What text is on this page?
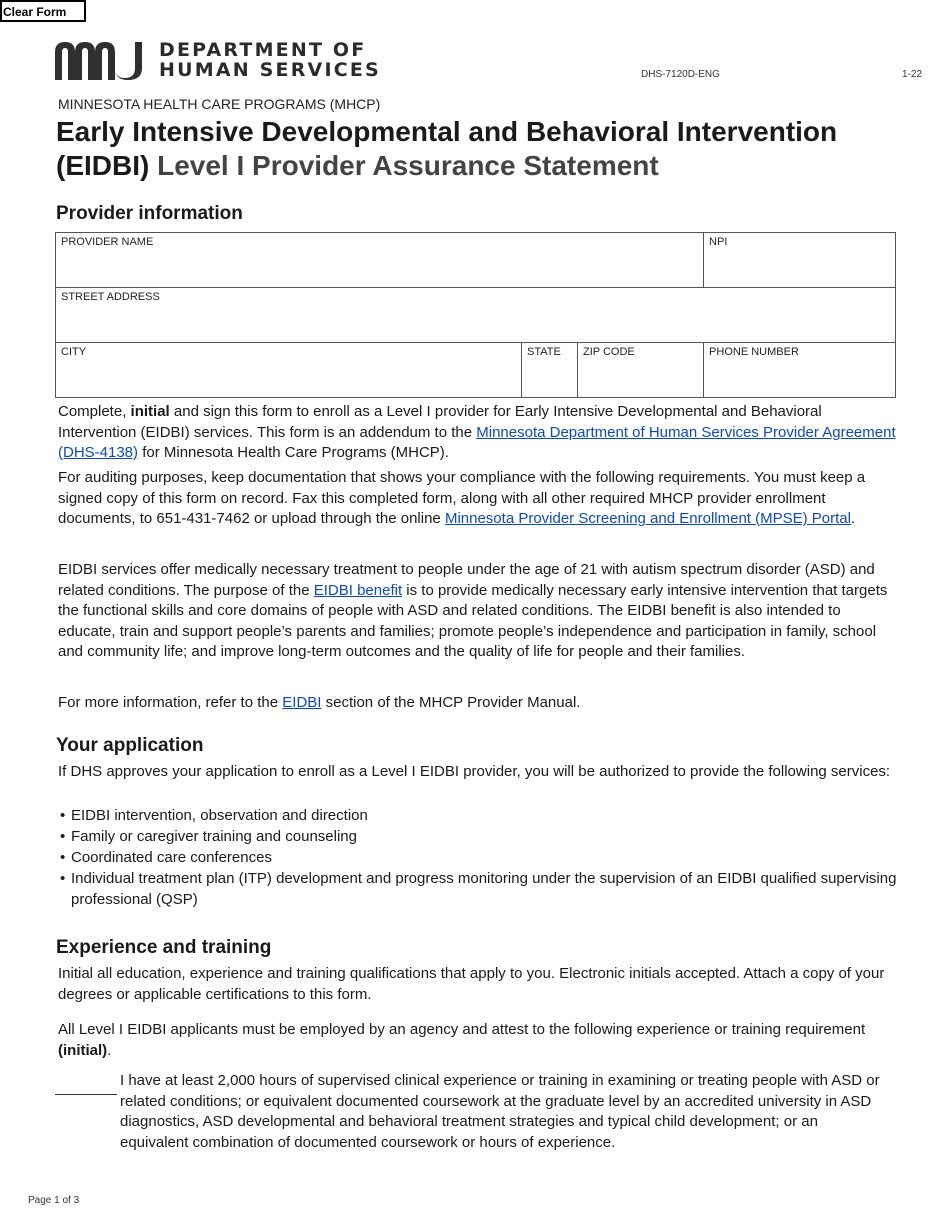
Clear Form
DEPARTMENT OF
HUMAN SERVICES	DHS-7120D-ENG	1-22
MINNESOTA HEALTH CARE PROGRAMS (MHCP)
Early Intensive Developmental and Behavioral Intervention (EIDBI) Level I Provider Assurance Statement
Provider information
PROVIDER NAME			NPI
STREET ADDRESS			
CITY	STATE	ZIP CODE	PHONE NUMBER

Complete, initial and sign this form to enroll as a Level I provider for Early Intensive Developmental and Behavioral Intervention (EIDBI) services. This form is an addendum to the Minnesota Department of Human Services Provider Agreement (DHS-4138) for Minnesota Health Care Programs (MHCP).

For auditing purposes, keep documentation that shows your compliance with the following requirements. You must keep a signed copy of this form on record. Fax this completed form, along with all other required MHCP provider enrollment documents, to 651-431-7462 or upload through the online Minnesota Provider Screening and Enrollment (MPSE) Portal.

EIDBI services offer medically necessary treatment to people under the age of 21 with autism spectrum disorder (ASD) and related conditions. The purpose of the EIDBI benefit is to provide medically necessary early intensive intervention that targets the functional skills and core domains of people with ASD and related conditions. The EIDBI benefit is also intended to educate, train and support people’s parents and families; promote people’s independence and participation in family, school and community life; and improve long-term outcomes and the quality of life for people and their families.

For more information, refer to the EIDBI section of the MHCP Provider Manual.

Your application

If DHS approves your application to enroll as a Level I EIDBI provider, you will be authorized to provide the following services:

• EIDBI intervention, observation and direction
• Family or caregiver training and counseling
• Coordinated care conferences
• Individual treatment plan (ITP) development and progress monitoring under the supervision of an EIDBI qualified supervising professional (QSP)
Experience and training

Initial all education, experience and training qualifications that apply to you. Electronic initials accepted. Attach a copy of your degrees or applicable certifications to this form.

All Level I EIDBI applicants must be employed by an agency and attest to the following experience or training requirement (initial).

I have at least 2,000 hours of supervised clinical experience or training in examining or treating people with ASD or related conditions; or equivalent documented coursework at the graduate level by an accredited university in ASD diagnostics, ASD developmental and behavioral treatment strategies and typical child development; or an equivalent combination of documented coursework or hours of experience.

Page 1 of 3
